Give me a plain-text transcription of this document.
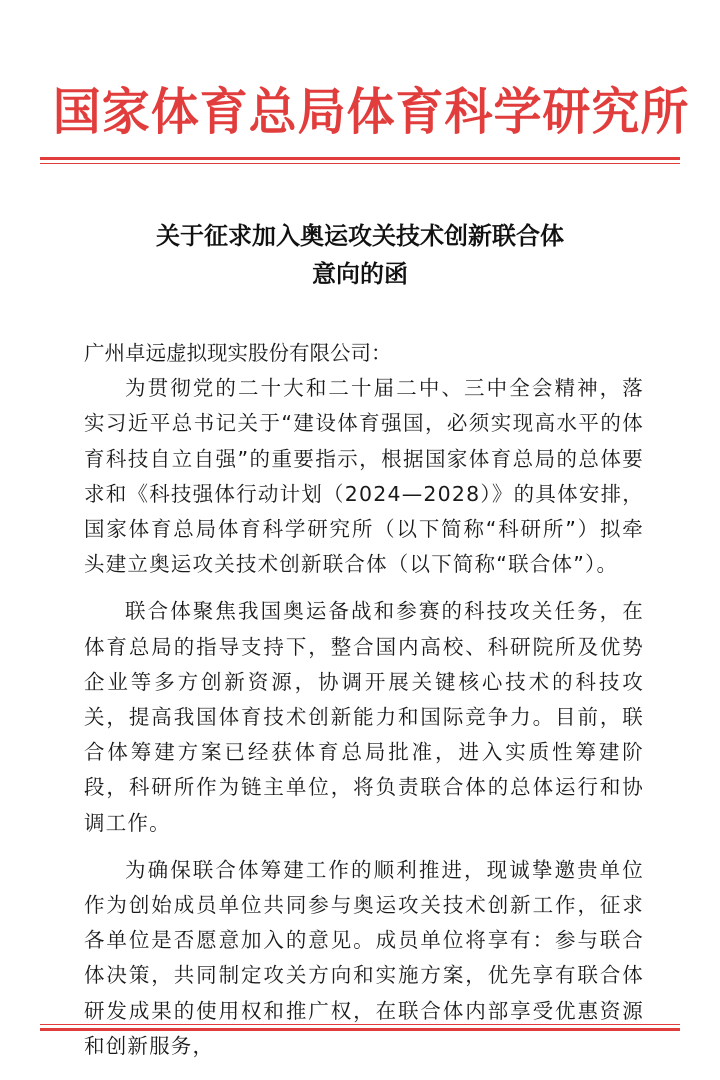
国家体育总局体育科学研究所
关于征求加入奥运攻关技术创新联合体
意向的函

广州卓远虚拟现实股份有限公司：

为贯彻党的二十大和二十届二中、三中全会精神，落实习近平总书记关于“建设体育强国，必须实现高水平的体育科技自立自强”的重要指示，根据国家体育总局的总体要求和《科技强体行动计划（2024—2028）》的具体安排，国家体育总局体育科学研究所（以下简称“科研所”）拟牵头建立奥运攻关技术创新联合体（以下简称“联合体”）。

联合体聚焦我国奥运备战和参赛的科技攻关任务，在体育总局的指导支持下，整合国内高校、科研院所及优势企业等多方创新资源，协调开展关键核心技术的科技攻关，提高我国体育技术创新能力和国际竞争力。目前，联合体筹建方案已经获体育总局批准，进入实质性筹建阶段，科研所作为链主单位，将负责联合体的总体运行和协调工作。

为确保联合体筹建工作的顺利推进，现诚挚邀贵单位作为创始成员单位共同参与奥运攻关技术创新工作，征求各单位是否愿意加入的意见。成员单位将享有：参与联合体决策，共同制定攻关方向和实施方案，优先享有联合体研发成果的使用权和推广权，在联合体内部享受优惠资源和创新服务，
